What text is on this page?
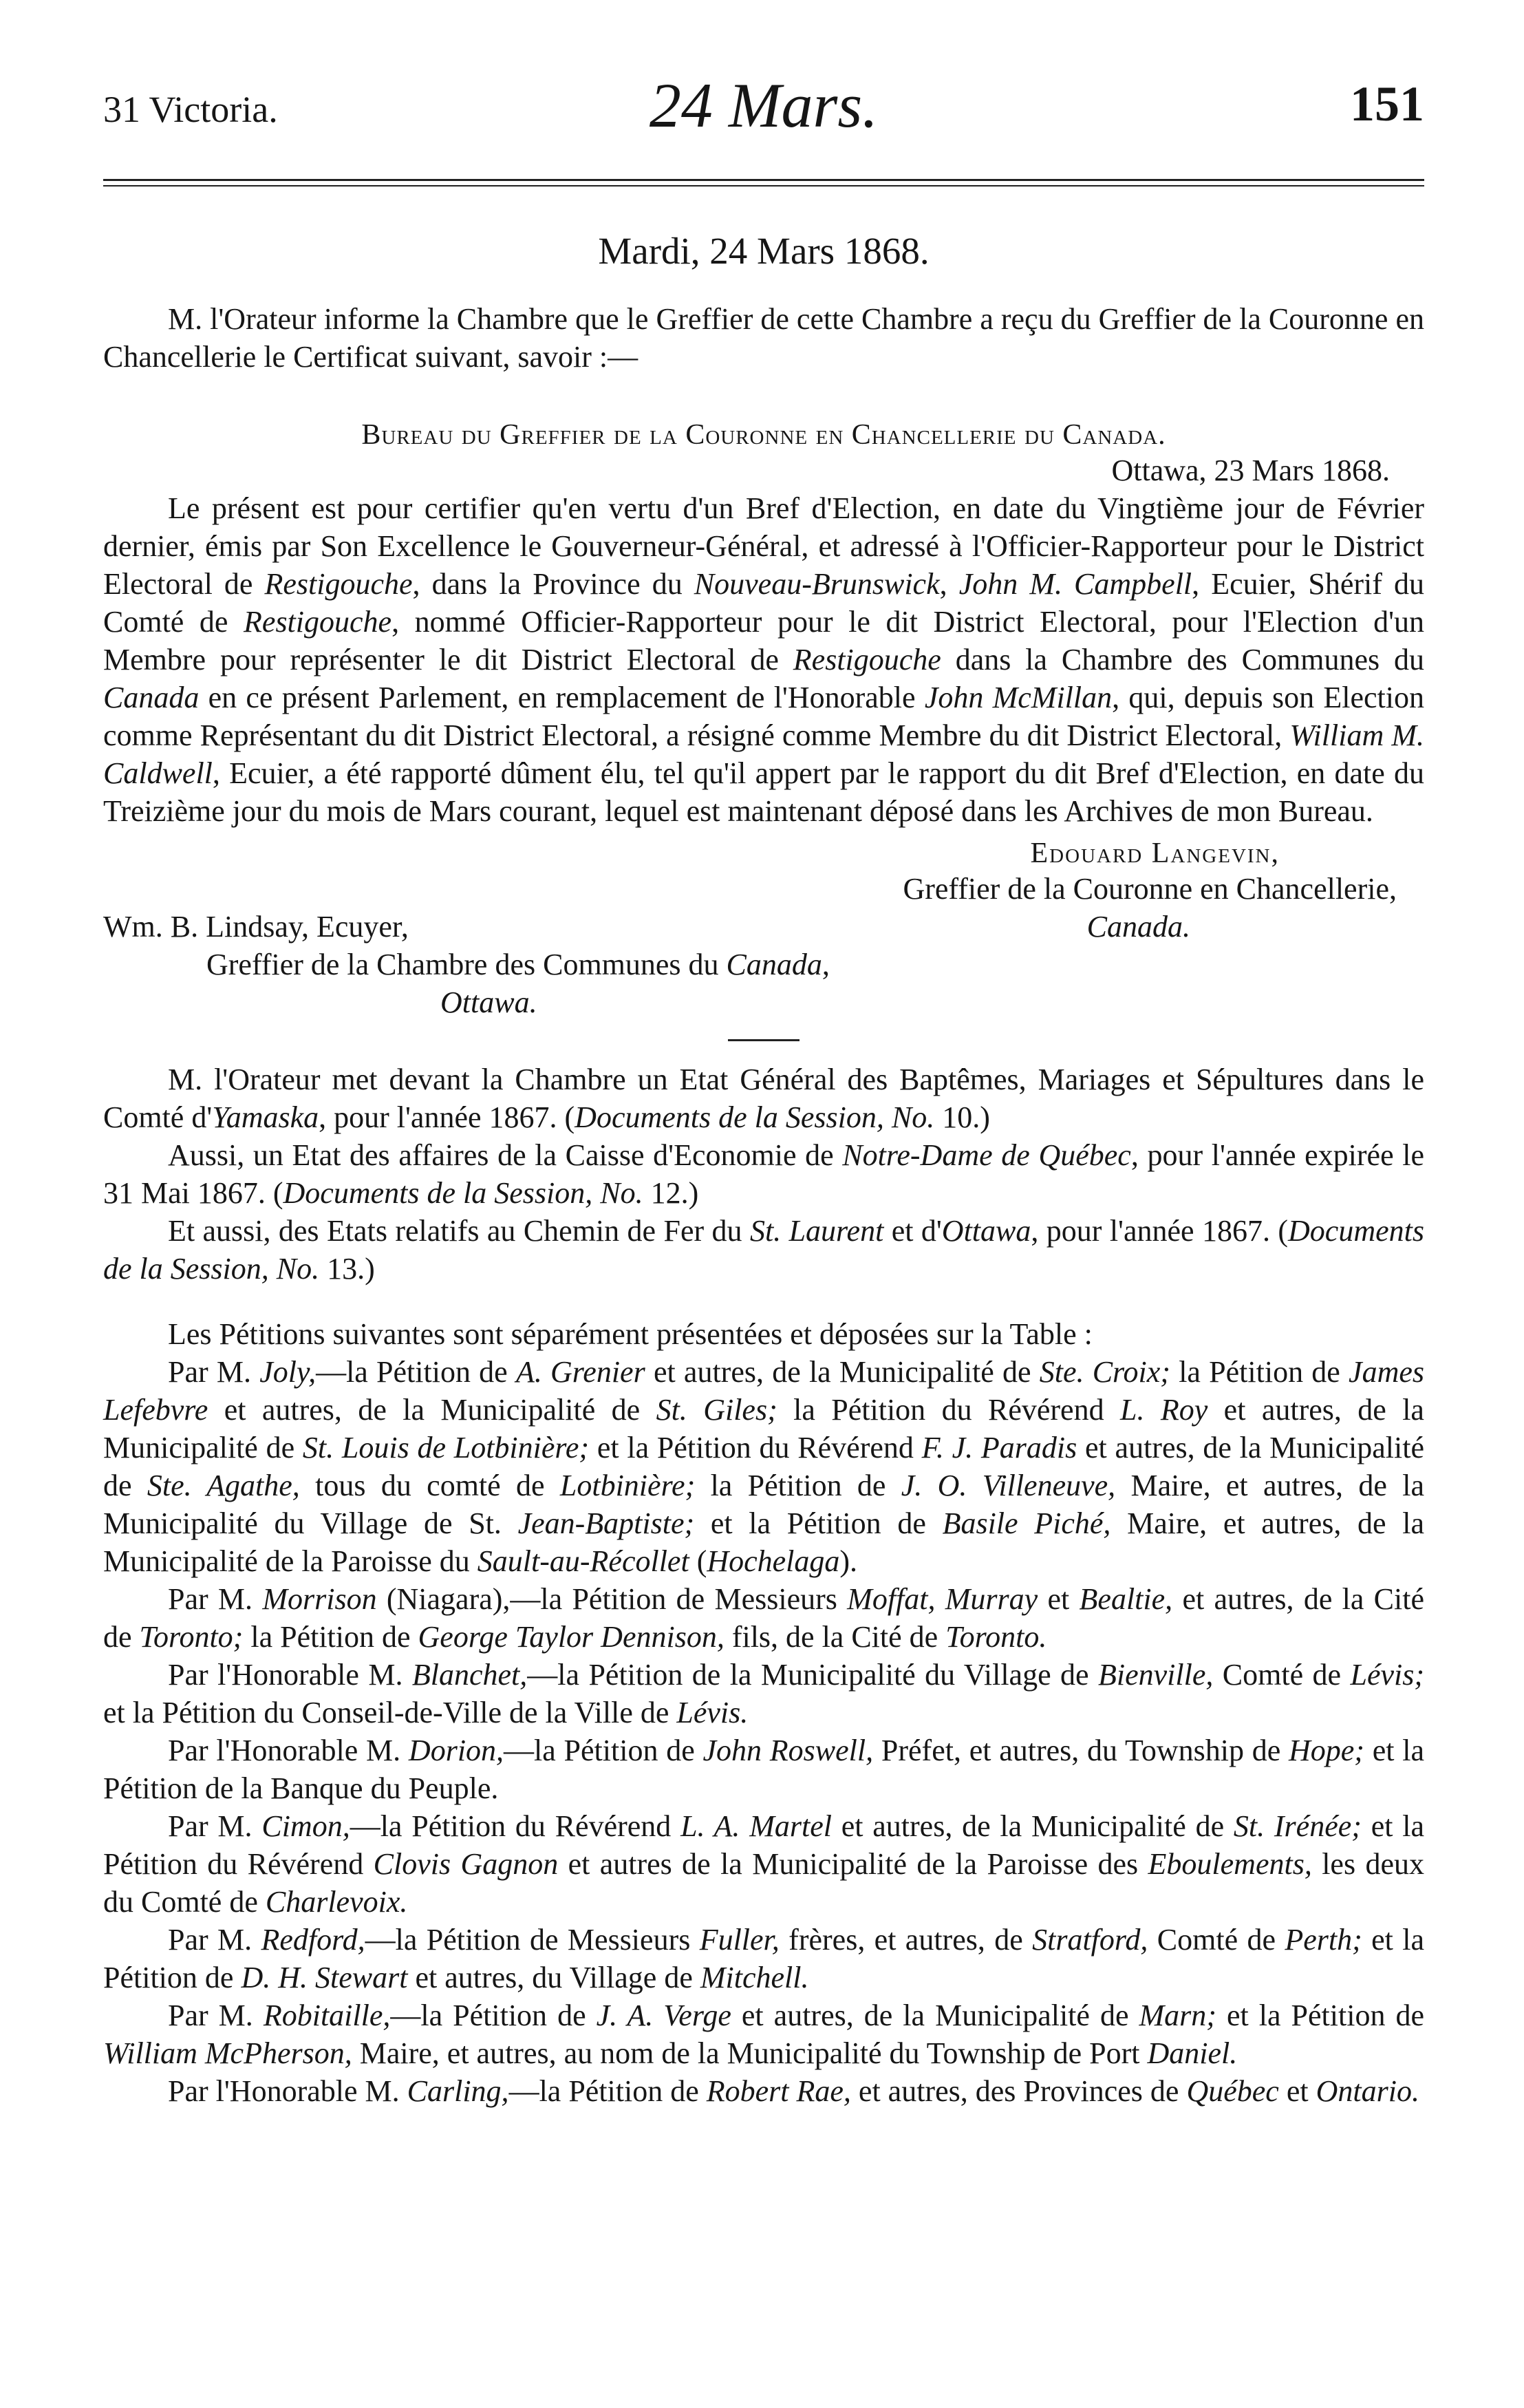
31 Victoria.	24 Mars.	151
Mardi, 24 Mars 1868.

M. l'Orateur informe la Chambre que le Greffier de cette Chambre a reçu du Greffier de la Couronne en Chancellerie le Certificat suivant, savoir :—

Bureau du Greffier de la Couronne en Chancellerie du Canada.

Ottawa, 23 Mars 1868.

Le présent est pour certifier qu'en vertu d'un Bref d'Election, en date du Vingtième jour de Février dernier, émis par Son Excellence le Gouverneur-Général, et adressé à l'Officier-Rapporteur pour le District Electoral de Restigouche, dans la Province du Nouveau-Brunswick, John M. Campbell, Ecuier, Shérif du Comté de Restigouche, nommé Officier-Rapporteur pour le dit District Electoral, pour l'Election d'un Membre pour représenter le dit District Electoral de Restigouche dans la Chambre des Communes du Canada en ce présent Parlement, en remplacement de l'Honorable John McMillan, qui, depuis son Election comme Représentant du dit District Electoral, a résigné comme Membre du dit District Electoral, William M. Caldwell, Ecuier, a été rapporté dûment élu, tel qu'il appert par le rapport du dit Bref d'Election, en date du Treizième jour du mois de Mars courant, lequel est maintenant déposé dans les Archives de mon Bureau.

Edouard Langevin,

Greffier de la Couronne en Chancellerie,

Wm. B. Lindsay, Ecuyer,	Canada.

Greffier de la Chambre des Communes du Canada,

Ottawa.

M. l'Orateur met devant la Chambre un Etat Général des Baptêmes, Mariages et Sépultures dans le Comté d'Yamaska, pour l'année 1867. (Documents de la Session, No. 10.)

Aussi, un Etat des affaires de la Caisse d'Economie de Notre-Dame de Québec, pour l'année expirée le 31 Mai 1867. (Documents de la Session, No. 12.)

Et aussi, des Etats relatifs au Chemin de Fer du St. Laurent et d'Ottawa, pour l'année 1867. (Documents de la Session, No. 13.)

Les Pétitions suivantes sont séparément présentées et déposées sur la Table :

Par M. Joly,—la Pétition de A. Grenier et autres, de la Municipalité de Ste. Croix; la Pétition de James Lefebvre et autres, de la Municipalité de St. Giles; la Pétition du Révérend L. Roy et autres, de la Municipalité de St. Louis de Lotbinière; et la Pétition du Révérend F. J. Paradis et autres, de la Municipalité de Ste. Agathe, tous du comté de Lotbinière; la Pétition de J. O. Villeneuve, Maire, et autres, de la Municipalité du Village de St. Jean-Baptiste; et la Pétition de Basile Piché, Maire, et autres, de la Municipalité de la Paroisse du Sault-au-Récollet (Hochelaga).

Par M. Morrison (Niagara),—la Pétition de Messieurs Moffat, Murray et Bealtie, et autres, de la Cité de Toronto; la Pétition de George Taylor Dennison, fils, de la Cité de Toronto.

Par l'Honorable M. Blanchet,—la Pétition de la Municipalité du Village de Bienville, Comté de Lévis; et la Pétition du Conseil-de-Ville de la Ville de Lévis.

Par l'Honorable M. Dorion,—la Pétition de John Roswell, Préfet, et autres, du Township de Hope; et la Pétition de la Banque du Peuple.

Par M. Cimon,—la Pétition du Révérend L. A. Martel et autres, de la Municipalité de St. Irénée; et la Pétition du Révérend Clovis Gagnon et autres de la Municipalité de la Paroisse des Eboulements, les deux du Comté de Charlevoix.

Par M. Redford,—la Pétition de Messieurs Fuller, frères, et autres, de Stratford, Comté de Perth; et la Pétition de D. H. Stewart et autres, du Village de Mitchell.

Par M. Robitaille,—la Pétition de J. A. Verge et autres, de la Municipalité de Marn; et la Pétition de William McPherson, Maire, et autres, au nom de la Municipalité du Township de Port Daniel.

Par l'Honorable M. Carling,—la Pétition de Robert Rae, et autres, des Provinces de Québec et Ontario.
